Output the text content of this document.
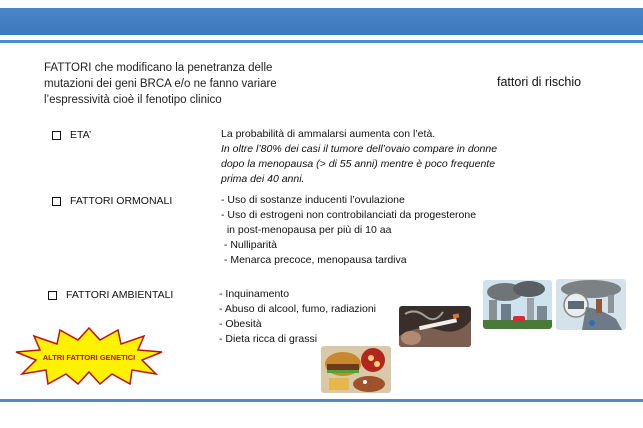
FATTORI che modificano la penetranza delle
mutazioni dei geni BRCA e/o ne fanno variare
l’espressività cioè il fenotipo clinico
fattori di rischio
ETA’	La probabilità di ammalarsi aumenta con l’età.
In oltre l’80% dei casi il tumore dell’ovaio compare in donne
dopo la menopausa (> di 55 anni) mentre è poco frequente
prima dei 40 anni.
FATTORI ORMONALI	- Uso di sostanze inducenti l’ovulazione
- Uso di estrogeni non controbilanciati da progesterone
in post-menopausa per più di 10 aa
- Nulliparità
- Menarca precoce, menopausa tardiva
FATTORI AMBIENTALI	- Inquinamento
- Abuso di alcool, fumo, radiazioni
- Obesità
- Dieta ricca di grassi
ALTRI FATTORI GENETICI
